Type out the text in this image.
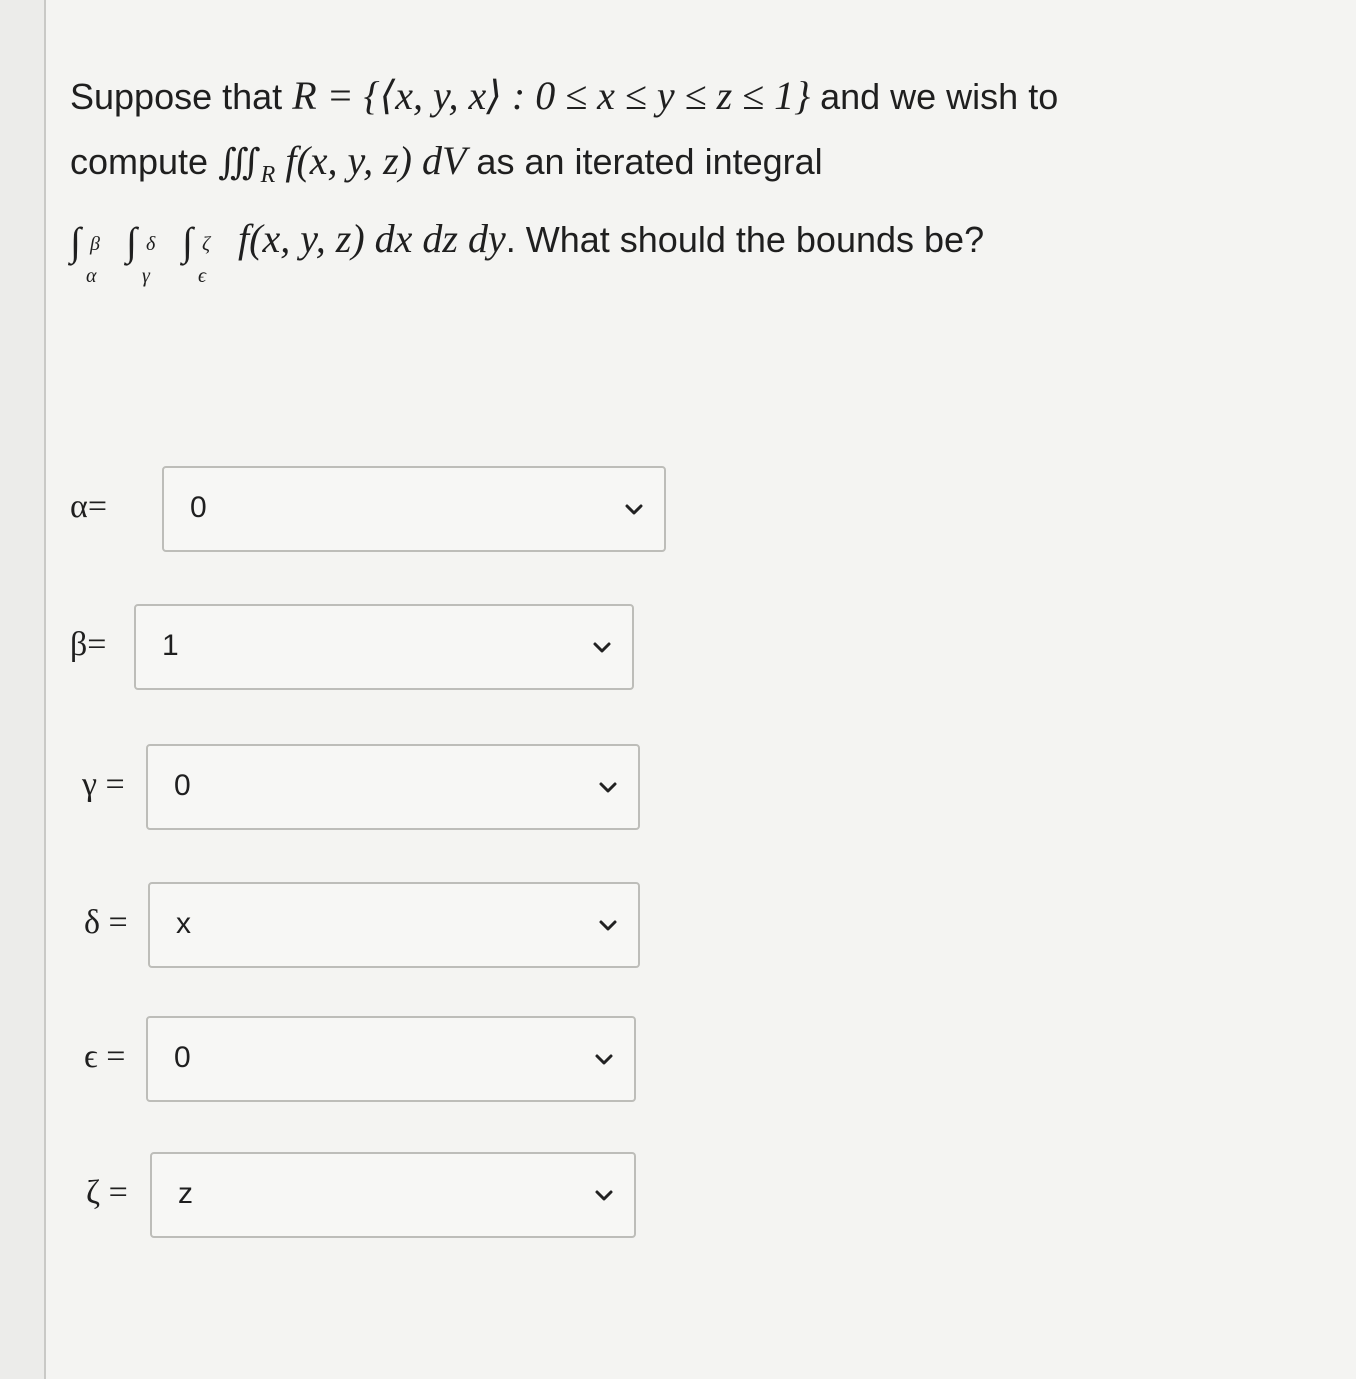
Suppose that R = {⟨x, y, x⟩ : 0 ≤ x ≤ y ≤ z ≤ 1} and we wish to
compute $∭_R$ f(x, y, z) dV as an iterated integral
∫ β
α

∫ δ
γ

∫ ζ
ϵ
f(x, y, z) dx dz dy. What should the bounds be?
α=	0
β= 1
γ = 0
δ = x
ϵ = 0
ζ = z
